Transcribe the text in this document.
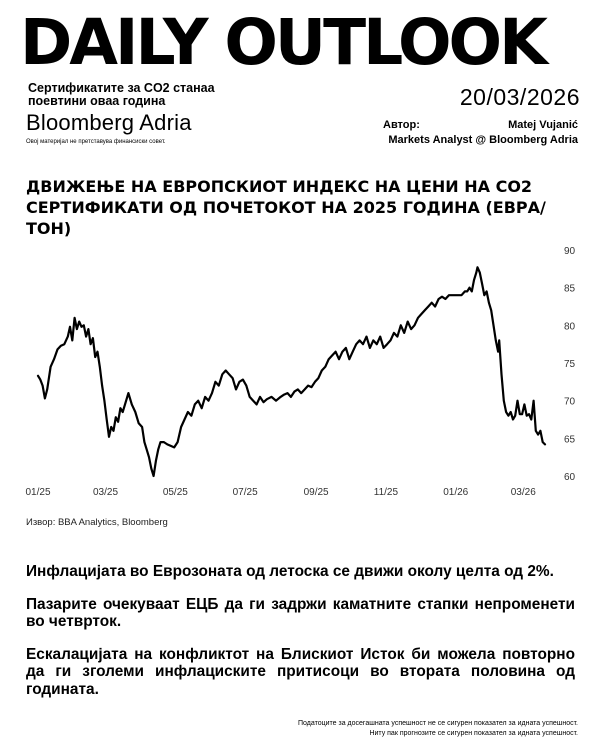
DAILY OUTLOOK
Сертификатите за CO2 станаа поевтини оваа година	20/03/2026
Bloomberg Adria
Овој материјал не претставува финансиски совет.
Автор:	Matej Vujanić
Markets Analyst @ Bloomberg Adria
ДВИЖЕЊЕ НА ЕВРОПСКИОТ ИНДЕКС НА ЦЕНИ НА CO2 СЕРТИФИКАТИ ОД ПОЧЕТОКОТ НА 2025 ГОДИНА (ЕВРА/ТОН)
01/25	03/25	05/25	07/25	09/25	11/25	01/26	03/26
90
85
80
75
70
65
60
Извор: BBA Analytics, Bloomberg

Инфлацијата во Еврозоната од летоска се движи околу целта од 2%.

Пазарите очекуваат ЕЦБ да ги задржи каматните стапки непроменети во четврток.

Ескалацијата на конфликтот на Блискиот Исток би можела повторно да ги зголеми инфлациските притисоци во втората половина од годината.

Податоците за досегашната успешност не се сигурен показател за идната успешност.
Ниту пак прогнозите се сигурен показател за идната успешност.
